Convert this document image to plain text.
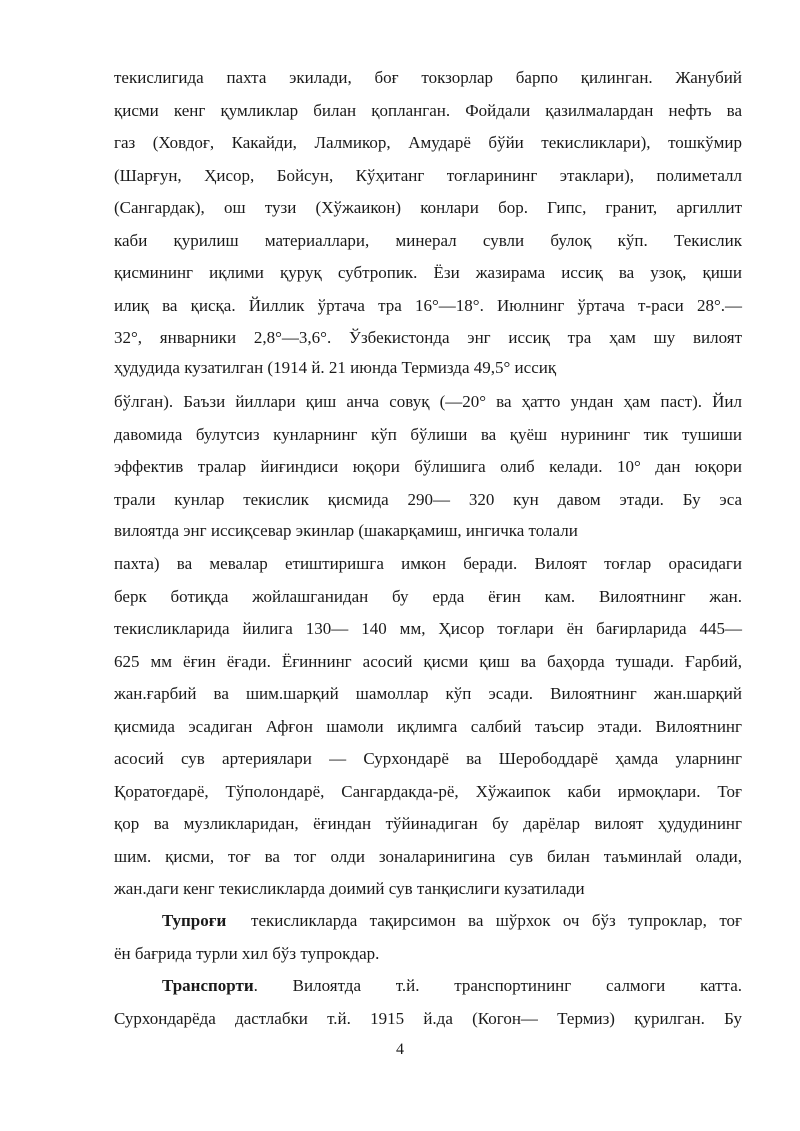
текислигида пахта экилади, боғ токзорлар барпо қилинган. Жанубий
қисми кенг қумликлар билан қопланган. Фойдали қазилмалардан нефть ва
газ (Ховдоғ, Какайди, Лалмикор, Амударё бўйи текисликлари), тошкўмир
(Шарғун, Ҳисор, Бойсун, Кўҳитанг тоғларининг этаклари), полиметалл
(Сангардак), ош тузи (Хўжаикон) конлари бор. Гипс, гранит, аргиллит
каби қурилиш материаллари, минерал сувли булоқ кўп. Текислик
қисмининг иқлими қуруқ субтропик. Ёзи жазирама иссиқ ва узоқ, қиши
илиқ ва қисқа. Йиллик ўртача тра 16°—18°. Июлнинг ўртача т-раси 28°.—
32°, январники 2,8°—3,6°. Ўзбекистонда энг иссиқ тра ҳам шу вилоят
ҳудудида кузатилган (1914 й. 21 июнда Термизда 49,5° иссиқ
бўлган). Баъзи йиллари қиш анча совуқ (—20° ва ҳатто ундан ҳам паст). Йил
давомида булутсиз кунларнинг кўп бўлиши ва қуёш нурининг тик тушиши
эффектив тралар йиғиндиси юқори бўлишига олиб келади. 10° дан юқори
трали кунлар текислик қисмида 290— 320 кун давом этади. Бу эса
вилоятда энг иссиқсевар экинлар (шакарқамиш, ингичка толали
пахта) ва мевалар етиштиришга имкон беради. Вилоят тоғлар орасидаги
берк ботиқда жойлашганидан бу ерда ёғин кам. Вилоятнинг жан.
текисликларида йилига 130— 140 мм, Ҳисор тоғлари ён бағирларида 445—
625 мм ёғин ёғади. Ёғиннинг асосий қисми қиш ва баҳорда тушади. Ғарбий,
жан.ғарбий ва шим.шарқий шамоллар кўп эсади. Вилоятнинг жан.шарқий
қисмида эсадиган Афғон шамоли иқлимга салбий таъсир этади. Вилоятнинг
асосий сув артериялари — Сурхондарё ва Шерободдарё ҳамда уларнинг
Қоратоғдарё, Тўполондарё, Сангардакда-рё, Хўжаипок каби ирмоқлари. Тоғ
қор ва музликларидан, ёғиндан тўйинадиган бу дарёлар вилоят ҳудудининг
шим. қисми, тоғ ва тог олди зоналаринигина сув билан таъминлай олади,
жан.даги кенг текисликларда доимий сув танқислиги кузатилади
Тупроғи текисликларда тақирсимон ва шўрхок оч бўз тупроклар, тоғ
ён бағрида турли хил бўз тупрокдар.
Транспорти. Вилоятда т.й. транспортининг салмоги катта.
Сурхондарёда дастлабки т.й. 1915 й.да (Когон— Термиз) қурилган. Бу
4
